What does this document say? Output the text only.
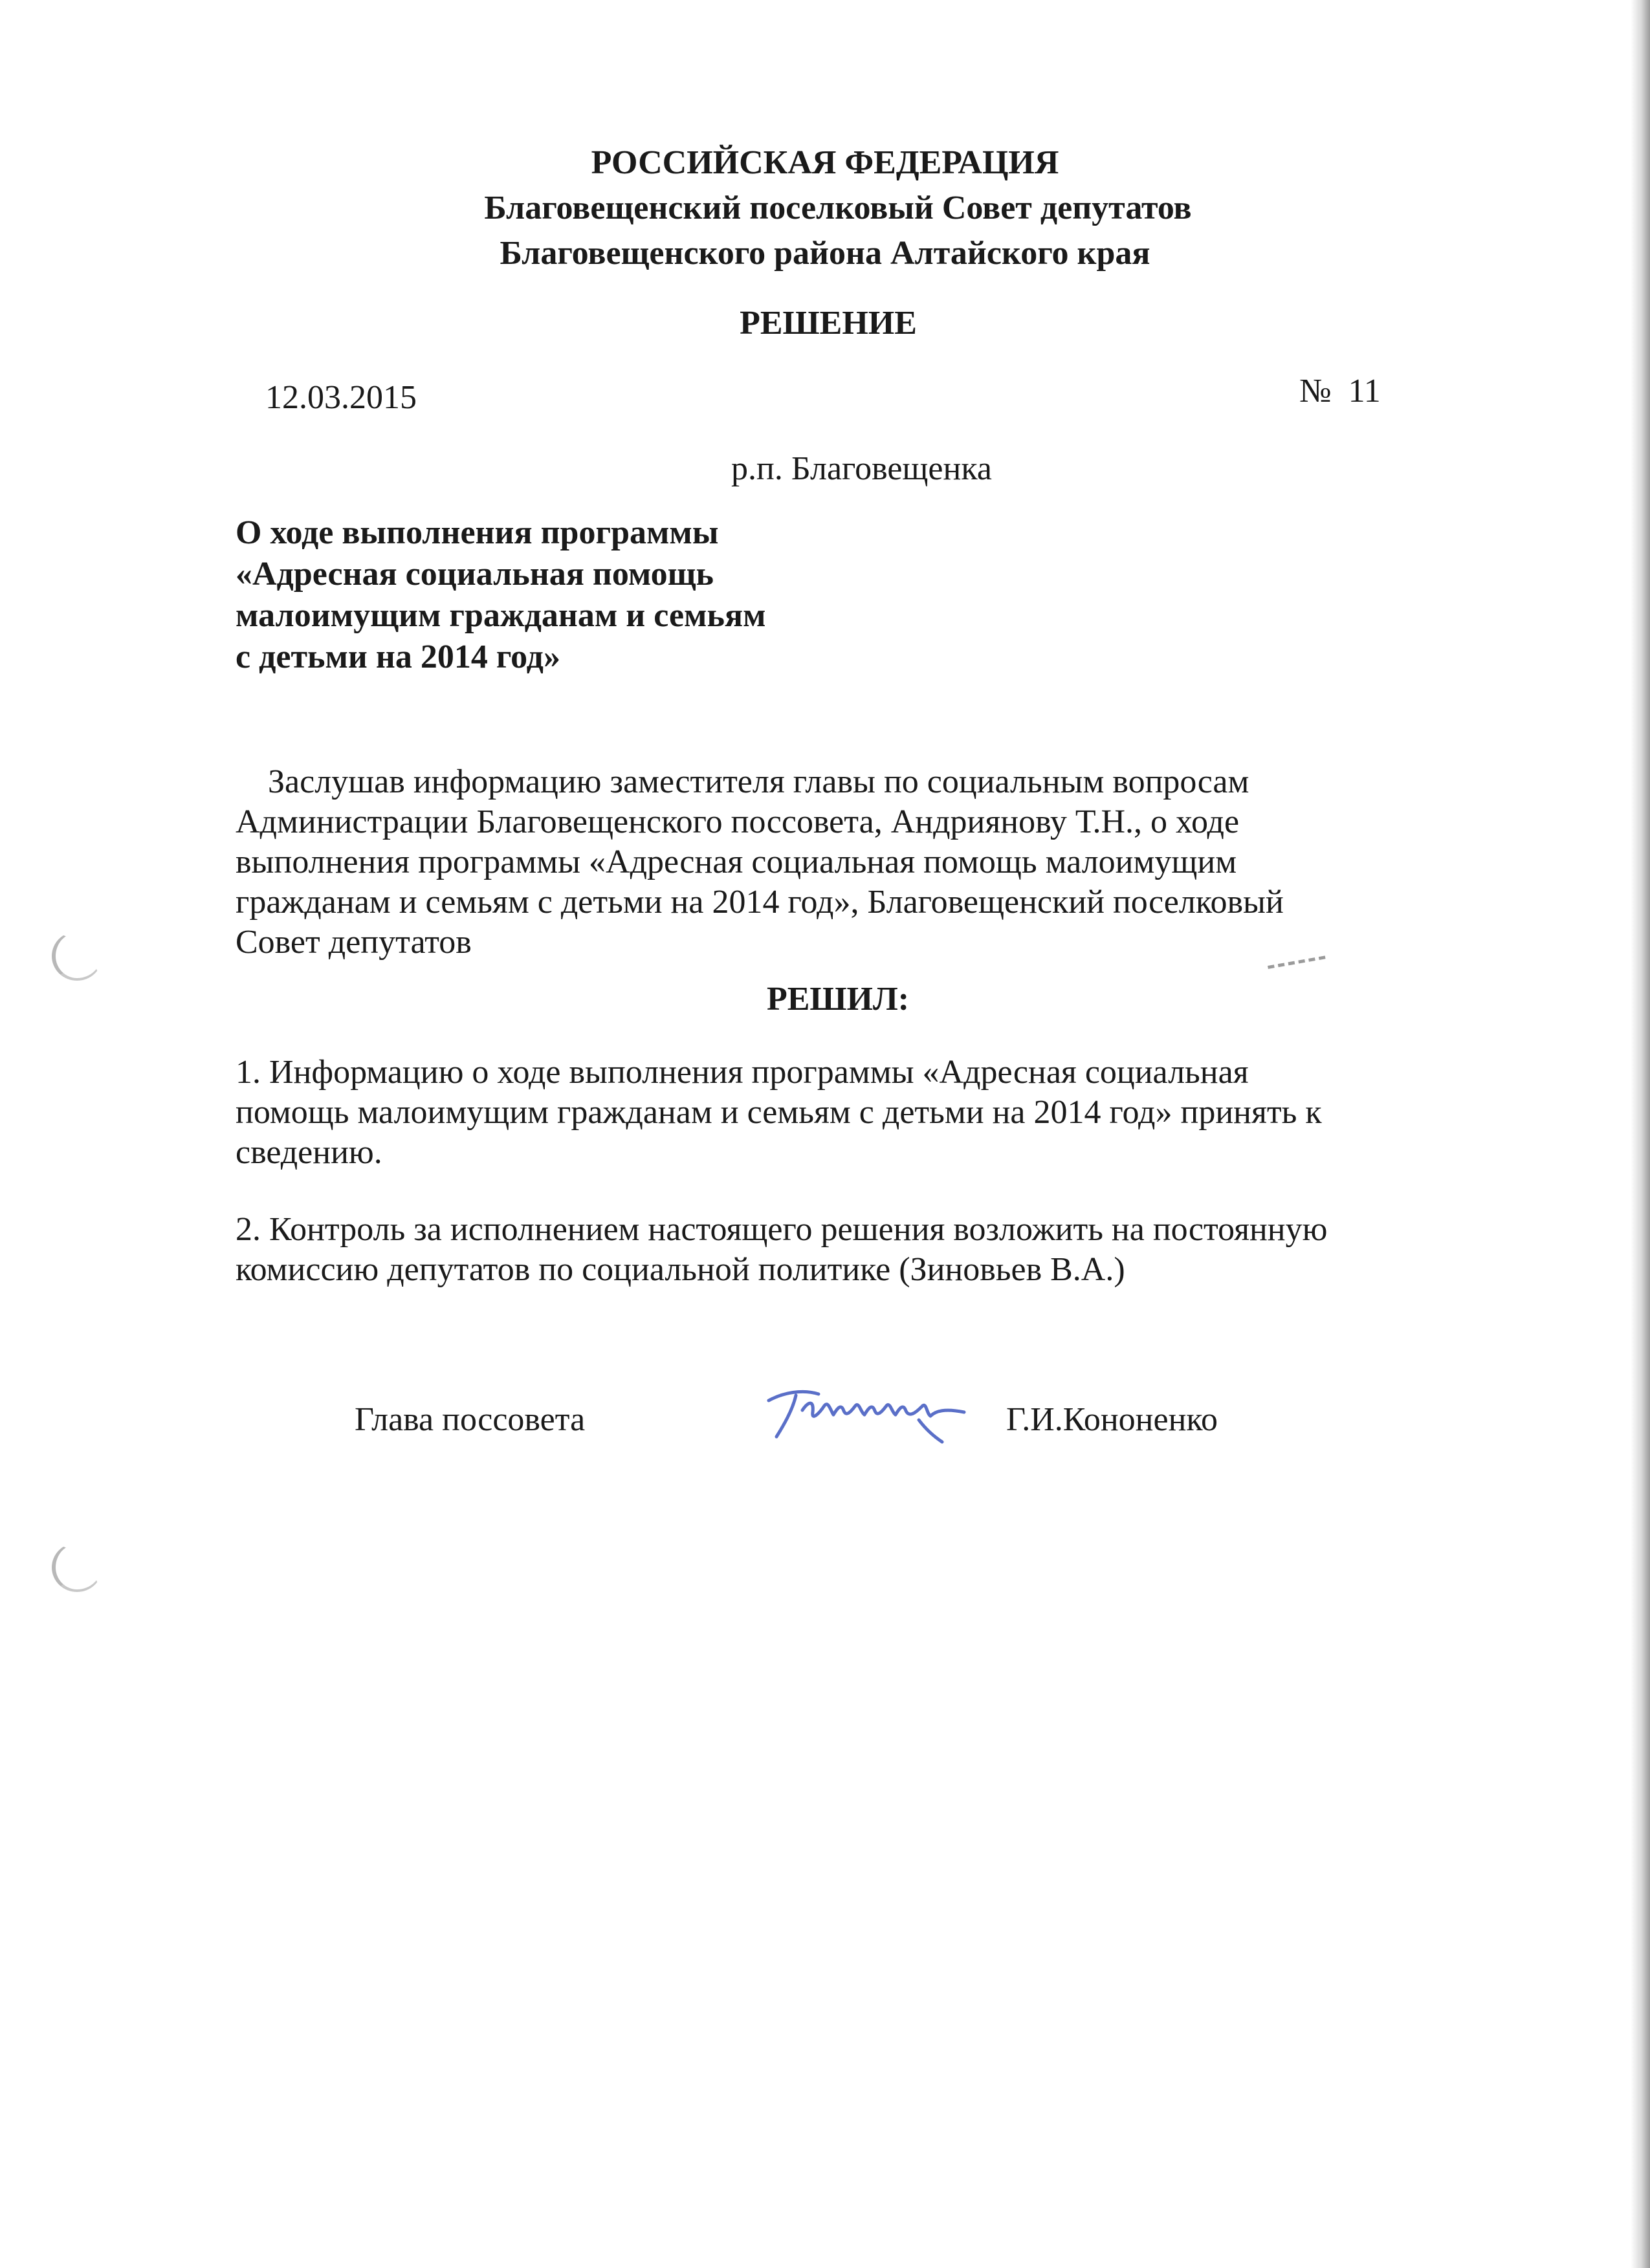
РОССИЙСКАЯ ФЕДЕРАЦИЯ
Благовещенский поселковый Совет депутатов
Благовещенского района Алтайского края
РЕШЕНИЕ
12.03.2015	№ 11
р.п. Благовещенка
О ходе выполнения программы
«Адресная социальная помощь
малоимущим гражданам и семьям
с детьми на 2014 год»
Заслушав информацию заместителя главы по социальным вопросам
Администрации Благовещенского поссовета, Андриянову Т.Н., о ходе
выполнения программы «Адресная социальная помощь малоимущим
гражданам и семьям с детьми на 2014 год», Благовещенский поселковый
Совет депутатов
РЕШИЛ:
1. Информацию о ходе выполнения программы «Адресная социальная
помощь малоимущим гражданам и семьям с детьми на 2014 год» принять к
сведению.
2. Контроль за исполнением настоящего решения возложить на постоянную
комиссию депутатов по социальной политике (Зиновьев В.А.)
Глава поссовета	Г.И.Кононенко
